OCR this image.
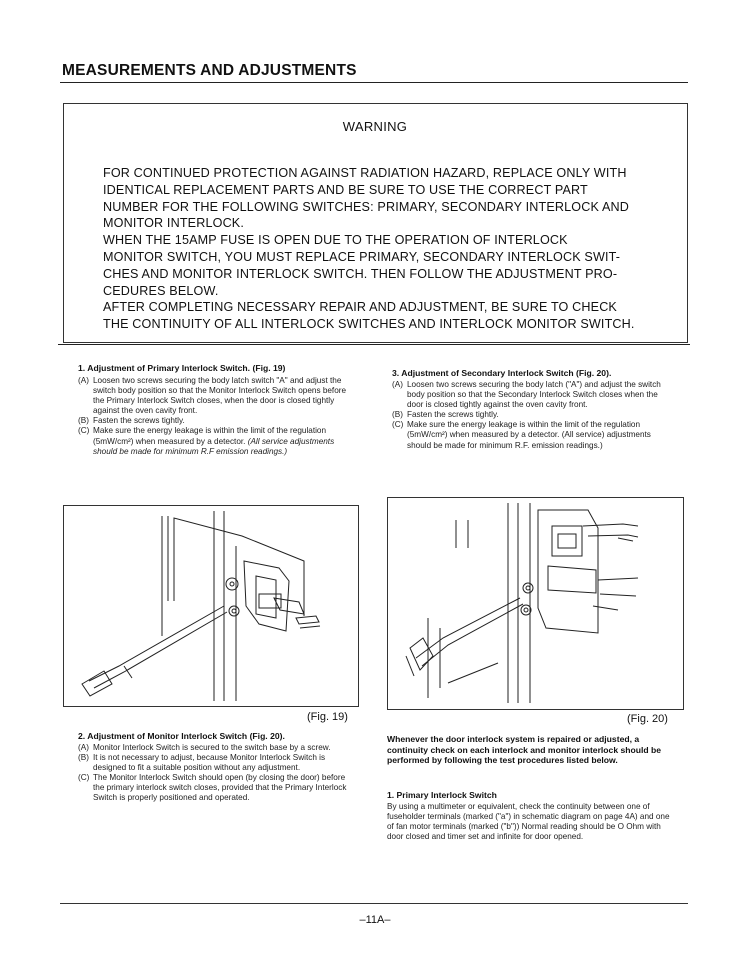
MEASUREMENTS AND ADJUSTMENTS
WARNING
FOR CONTINUED PROTECTION AGAINST RADIATION HAZARD, REPLACE ONLY WITH
IDENTICAL REPLACEMENT PARTS AND BE SURE TO USE THE CORRECT PART
NUMBER FOR THE FOLLOWING SWITCHES: PRIMARY, SECONDARY INTERLOCK AND
MONITOR INTERLOCK.
WHEN THE 15AMP FUSE IS OPEN DUE TO THE OPERATION OF INTERLOCK
MONITOR SWITCH, YOU MUST REPLACE PRIMARY, SECONDARY INTERLOCK SWIT-
CHES AND MONITOR INTERLOCK SWITCH. THEN FOLLOW THE ADJUSTMENT PRO-
CEDURES BELOW.
AFTER COMPLETING NECESSARY REPAIR AND ADJUSTMENT, BE SURE TO CHECK
THE CONTINUITY OF ALL INTERLOCK SWITCHES AND INTERLOCK MONITOR SWITCH.
1. Adjustment of Primary Interlock Switch. (Fig. 19)
(A) Loosen two screws securing the body latch switch "A" and adjust the switch body position so that the Monitor Interlock Switch opens before the Primary Interlock Switch closes, when the door is closed tightly against the oven cavity front.
(B) Fasten the screws tightly.
(C) Make sure the energy leakage is within the limit of the regulation (5mW/cm²) when measured by a detector. (All service adjustments should be made for minimum R.F emission readings.)
3. Adjustment of Secondary Interlock Switch (Fig. 20).
(A) Loosen two screws securing the body latch ("A") and adjust the switch body position so that the Secondary Interlock Switch closes when the door is closed tightly against the oven cavity front.
(B) Fasten the screws tightly.
(C) Make sure the energy leakage is within the limit of the regulation (5mW/cm²) when measured by a detector. (All service) adjustments should be made for minimum R.F. emission readings.)
(Fig. 19)	(Fig. 20)
2. Adjustment of Monitor Interlock Switch (Fig. 20).
(A) Monitor Interlock Switch is secured to the switch base by a screw.
(B) It is not necessary to adjust, because Monitor Interlock Switch is designed to fit a suitable position without any adjustment.
(C) The Monitor Interlock Switch should open (by closing the door) before the primary interlock switch closes, provided that the Primary Interlock Switch is properly positioned and operated.
Whenever the door interlock system is repaired or adjusted, a continuity check on each interlock and monitor interlock should be performed by following the test procedures listed below.
1. Primary Interlock Switch
By using a multimeter or equivalent, check the continuity between one of fuseholder terminals (marked ("a") in schematic diagram on page 4A) and one of fan motor terminals (marked ("b")) Normal reading should be O Ohm with door closed and timer set and infinite for door opened.
–11A–
